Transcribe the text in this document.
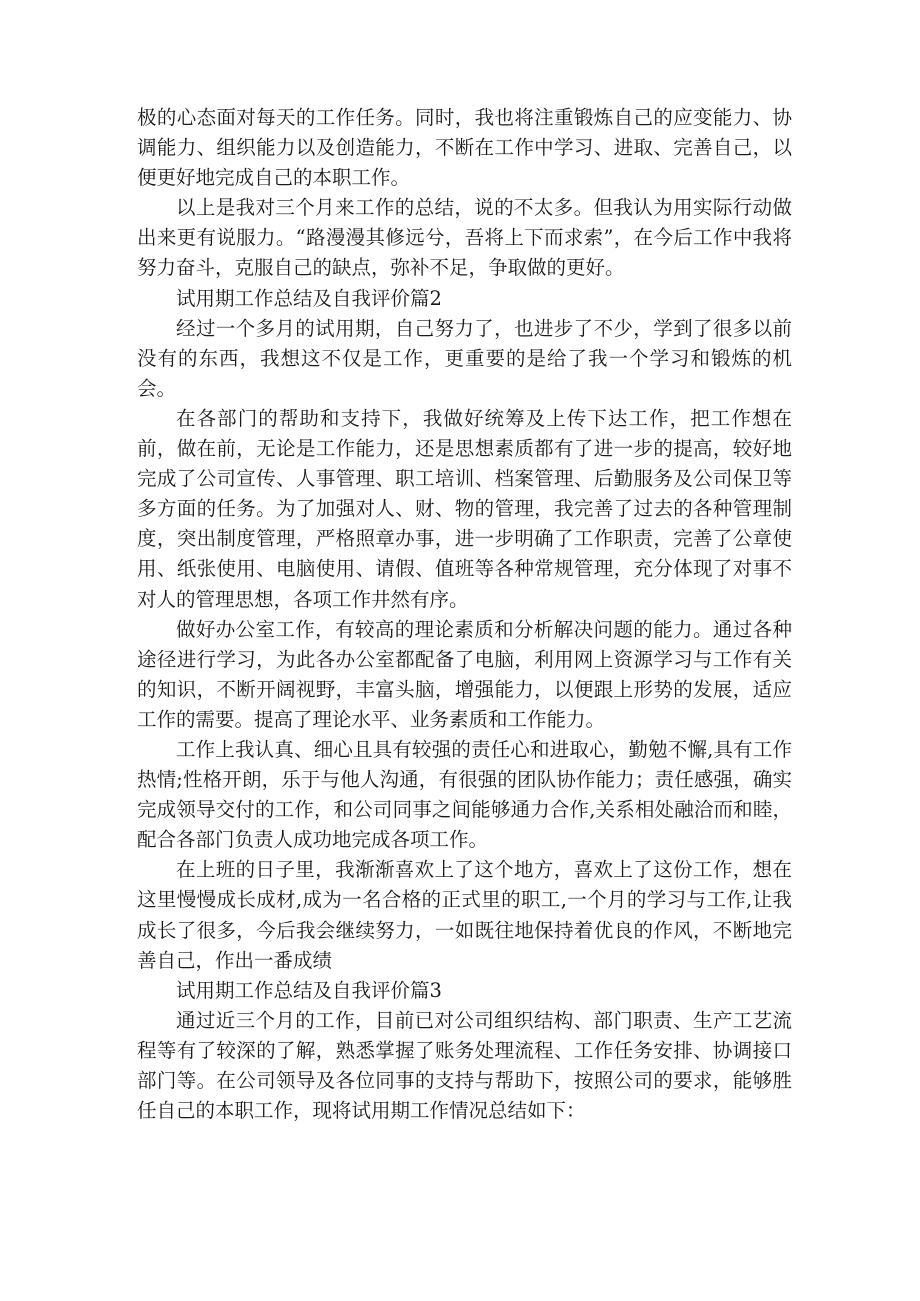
极的心态面对每天的工作任务。同时，我也将注重锻炼自己的应变能力、协调能力、组织能力以及创造能力，不断在工作中学习、进取、完善自己，以便更好地完成自己的本职工作。

以上是我对三个月来工作的总结，说的不太多。但我认为用实际行动做出来更有说服力。“路漫漫其修远兮，吾将上下而求索”，在今后工作中我将努力奋斗，克服自己的缺点，弥补不足，争取做的更好。

试用期工作总结及自我评价篇2

经过一个多月的试用期，自己努力了，也进步了不少，学到了很多以前没有的东西，我想这不仅是工作，更重要的是给了我一个学习和锻炼的机会。

在各部门的帮助和支持下，我做好统筹及上传下达工作，把工作想在前，做在前，无论是工作能力，还是思想素质都有了进一步的提高，较好地完成了公司宣传、人事管理、职工培训、档案管理、后勤服务及公司保卫等多方面的任务。为了加强对人、财、物的管理，我完善了过去的各种管理制度，突出制度管理，严格照章办事，进一步明确了工作职责，完善了公章使用、纸张使用、电脑使用、请假、值班等各种常规管理，充分体现了对事不对人的管理思想，各项工作井然有序。

做好办公室工作，有较高的理论素质和分析解决问题的能力。通过各种途径进行学习，为此各办公室都配备了电脑，利用网上资源学习与工作有关的知识，不断开阔视野，丰富头脑，增强能力，以便跟上形势的发展，适应工作的需要。提高了理论水平、业务素质和工作能力。

工作上我认真、细心且具有较强的责任心和进取心，勤勉不懈,具有工作热情;性格开朗，乐于与他人沟通，有很强的团队协作能力；责任感强，确实完成领导交付的工作，和公司同事之间能够通力合作,关系相处融洽而和睦，配合各部门负责人成功地完成各项工作。

在上班的日子里，我渐渐喜欢上了这个地方，喜欢上了这份工作，想在这里慢慢成长成材,成为一名合格的正式里的职工,一个月的学习与工作,让我成长了很多，今后我会继续努力，一如既往地保持着优良的作风，不断地完善自己，作出一番成绩

试用期工作总结及自我评价篇3

通过近三个月的工作，目前已对公司组织结构、部门职责、生产工艺流程等有了较深的了解，熟悉掌握了账务处理流程、工作任务安排、协调接口部门等。在公司领导及各位同事的支持与帮助下，按照公司的要求，能够胜任自己的本职工作，现将试用期工作情况总结如下：
